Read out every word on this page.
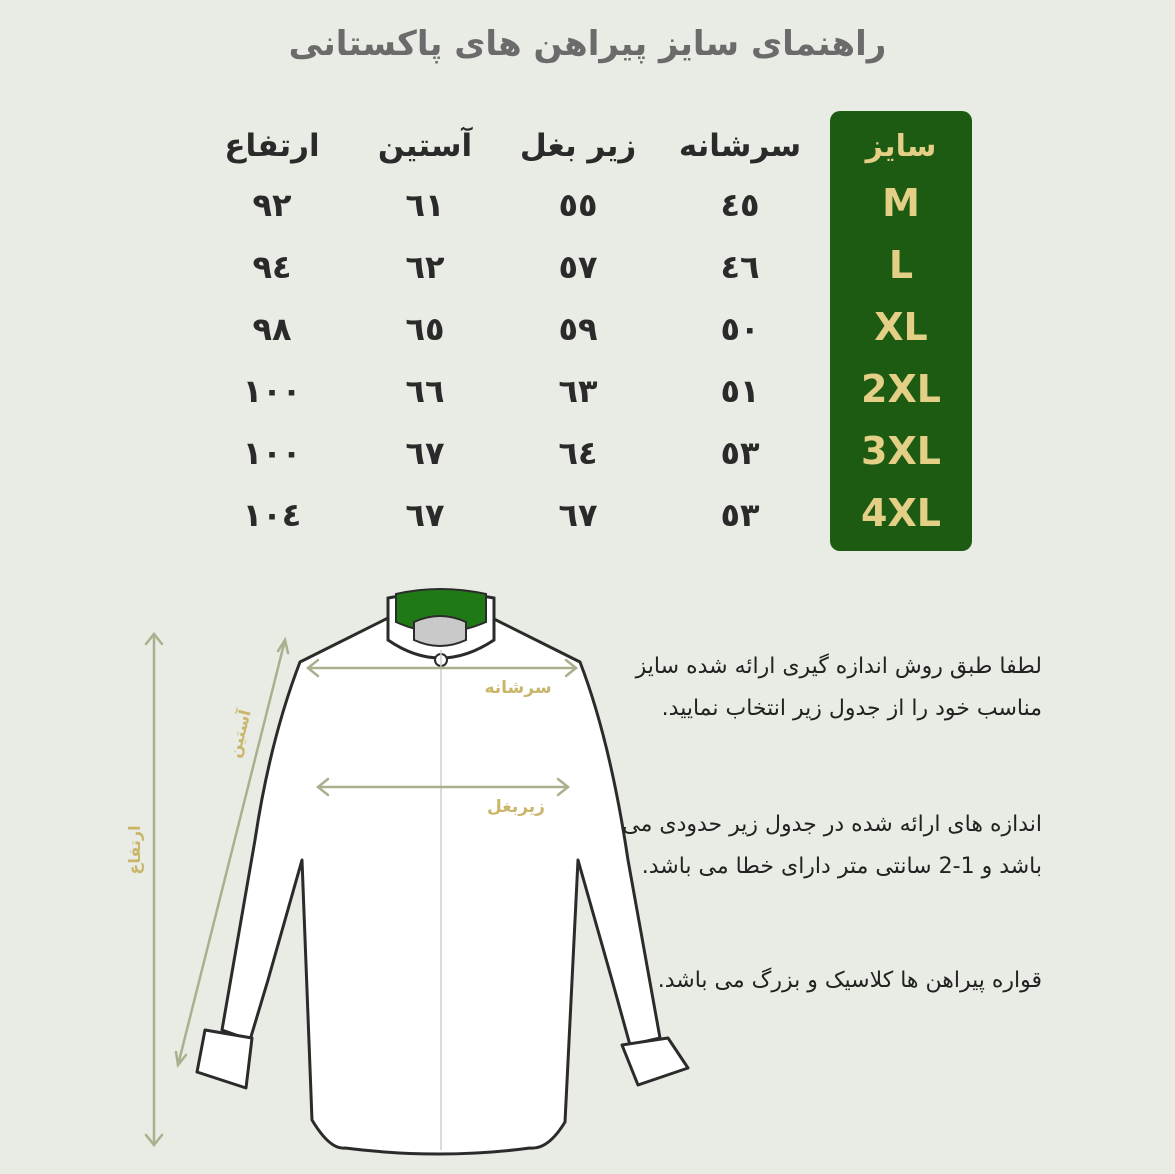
راهنمای سایز پیراهن های پاکستانی
سایز
M
L
XL
2XL
3XL
4XL
سرشانه
زیر بغل
آستین
ارتفاع
٤٥
٥٥
٦١
٩٢
٤٦
٥٧
٦٢
٩٤
٥٠
٥٩
٦٥
٩٨
٥١
٦٣
٦٦
١٠٠
٥٣
٦٤
٦٧
١٠٠
٥٣
٦٧
٦٧
١٠٤
سرشانه
زیربغل
آستین
ارتفاع
لطفا طبق روش اندازه گیری ارائه شده سایز مناسب خود را از جدول زیر انتخاب نمایید.
اندازه های ارائه شده در جدول زیر حدودی می باشد و 1-2 سانتی متر دارای خطا می باشد.
قواره پیراهن ها کلاسیک و بزرگ می باشد.
